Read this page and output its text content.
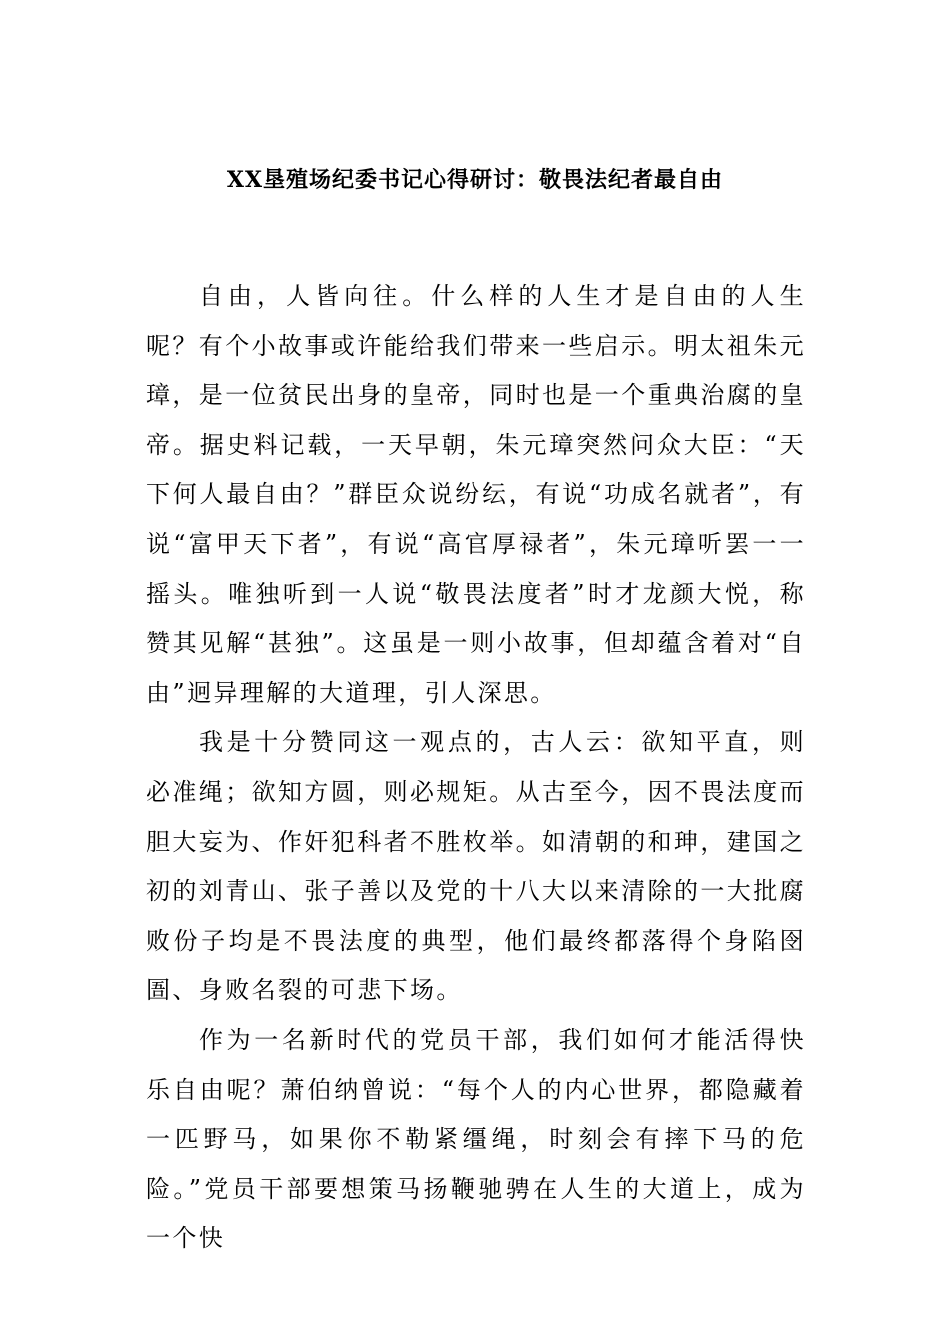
XX垦殖场纪委书记心得研讨：敬畏法纪者最自由

自由，人皆向往。什么样的人生才是自由的人生呢？有个小故事或许能给我们带来一些启示。明太祖朱元璋，是一位贫民出身的皇帝，同时也是一个重典治腐的皇帝。据史料记载，一天早朝，朱元璋突然问众大臣：“天下何人最自由？”群臣众说纷纭，有说“功成名就者”，有说“富甲天下者”，有说“高官厚禄者”，朱元璋听罢一一摇头。唯独听到一人说“敬畏法度者”时才龙颜大悦，称赞其见解“甚独”。这虽是一则小故事，但却蕴含着对“自由”迥异理解的大道理，引人深思。

我是十分赞同这一观点的，古人云：欲知平直，则必准绳；欲知方圆，则必规矩。从古至今，因不畏法度而胆大妄为、作奸犯科者不胜枚举。如清朝的和珅，建国之初的刘青山、张子善以及党的十八大以来清除的一大批腐败份子均是不畏法度的典型，他们最终都落得个身陷囹圄、身败名裂的可悲下场。

作为一名新时代的党员干部，我们如何才能活得快乐自由呢？萧伯纳曾说：“每个人的内心世界，都隐藏着一匹野马，如果你不勒紧缰绳，时刻会有摔下马的危险。”党员干部要想策马扬鞭驰骋在人生的大道上，成为一个快
